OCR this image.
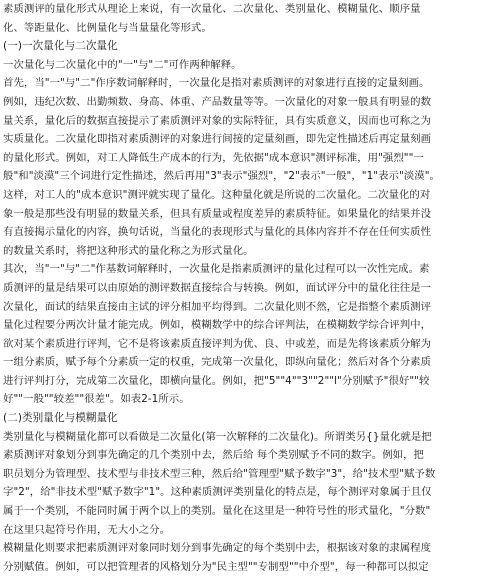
素质测评的量化形式从理论上来说，有一次量化、二次量化、类别量化、模糊量化、顺序量
化、等距量化、比例量化与当量量化等形式。
(一)一次量化与二次量化
一次量化与二次量化中的"一"与"二"可作两种解释。
首先，当"一"与"二"作序数词解释时，一次量化是指对素质测评的对象进行直接的定量刻画。
例如，违纪次数、出勤频数、身高、体重、产品数量等等。一次量化的对象一般具有明显的数
量关系，量化后的数据直接提示了素质测评对象的实际特征，具有实质意义，因而也可称之为
实质量化。二次量化即指对素质测评的对象进行间接的定量刻画，即先定性描述后再定量刻画
的量化形式。例如，对工人降低生产成本的行为，先依据"成本意识"测评标准，用"强烈""一
般"和"淡漠"三个词进行定性描述，然后再用"3"表示"强烈"，"2"表示"一般"，"1"表示"淡漠"。
这样，对工人的"成本意识"测评就实现了量化。这种量化就是所说的二次量化。二次量化的对
象一般是那些没有明显的数量关系，但具有质量或程度差异的素质特征。如果量化的结果并没
有直接揭示量化的内容，换句话说，当量化的表现形式与量化的具体内容并不存在任何实质性
的数量关系时，将把这种形式的量化称之为形式量化。
其次，当"一"与"二"作基数词解释时，一次量化是指素质测评的量化过程可以一次性完成。素
质测评的量是结果可以由原始的测评数据直接综合与转换。例如，面试评分中的量化往往是一
次量化，面试的结果直接由主试的评分相加平均得到。二次量化则不然，它是指整个素质测评
量化过程要分两次计量才能完成。例如，模糊数学中的综合评判法，在模糊数学综合评判中，
欲对某个素质进行评判，它不是将该素质直接评判为优、良、中或差，而是先将该素质分解为
一组分素质，赋予每个分素质一定的权重，完成第一次量化，即纵向量化；然后对各个分素质
进行评判打分，完成第二次量化，即横向量化。例如，把"5""4""3""2""l"分别赋予"很好""较
好""一般""较差""很差"。如表2-1所示。
(二)类别量化与模糊量化
类别量化与模糊量化都可以看做是二次量化(第一次解释的二次量化)。所谓类另{}量化就是把
素质测评对象划分到事先确定的几个类别中去，然后给 每个类别赋予不同的数字。例如，把
职员划分为管理型、技术型与非技术型三种，然后给"管理型"赋予数字"3"，给"技术型"赋予数
字"2"，给"非技术型"赋予数字"1"。这种素质测评类别量化的特点是，每个测评对象属于且仅
属于一个类别，不能同时属于两个以上的类别。量化在这里是一种符号性的形式量化，"分数"
在这里只起符号作用，无大小之分。
模糊量化则要求把素质测评对象同时划分到事先确定的每个类别中去，根据该对象的隶属程度
分别赋值。例如，可以把管理者的风格划分为"民主型""专制型""中介型"，每一种都可以拟定
